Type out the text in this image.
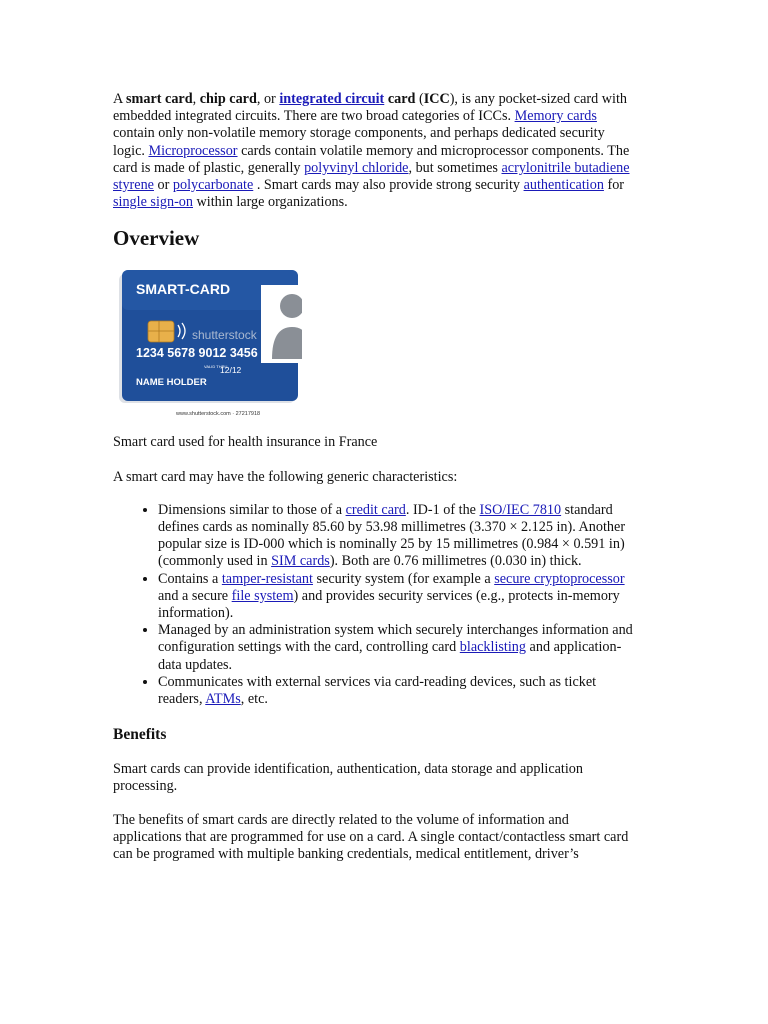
A smart card, chip card, or integrated circuit card (ICC), is any pocket-sized card with embedded integrated circuits. There are two broad categories of ICCs. Memory cards contain only non-volatile memory storage components, and perhaps dedicated security logic. Microprocessor cards contain volatile memory and microprocessor components. The card is made of plastic, generally polyvinyl chloride, but sometimes acrylonitrile butadiene styrene or polycarbonate . Smart cards may also provide strong security authentication for single sign-on within large organizations.

Overview
SMART-CARD
shutterstock
1234 5678 9012 3456
VALID THRU
12/12
NAME HOLDER
www.shutterstock.com · 27217918

Smart card used for health insurance in France

A smart card may have the following generic characteristics:

• Dimensions similar to those of a credit card. ID-1 of the ISO/IEC 7810 standard defines cards as nominally 85.60 by 53.98 millimetres (3.370 × 2.125 in). Another popular size is ID-000 which is nominally 25 by 15 millimetres (0.984 × 0.591 in) (commonly used in SIM cards). Both are 0.76 millimetres (0.030 in) thick.
• Contains a tamper-resistant security system (for example a secure cryptoprocessor and a secure file system) and provides security services (e.g., protects in-memory information).
• Managed by an administration system which securely interchanges information and configuration settings with the card, controlling card blacklisting and application-data updates.
• Communicates with external services via card-reading devices, such as ticket readers, ATMs, etc.
Benefits

Smart cards can provide identification, authentication, data storage and application processing.

The benefits of smart cards are directly related to the volume of information and applications that are programmed for use on a card. A single contact/contactless smart card can be programed with multiple banking credentials, medical entitlement, driver’s
